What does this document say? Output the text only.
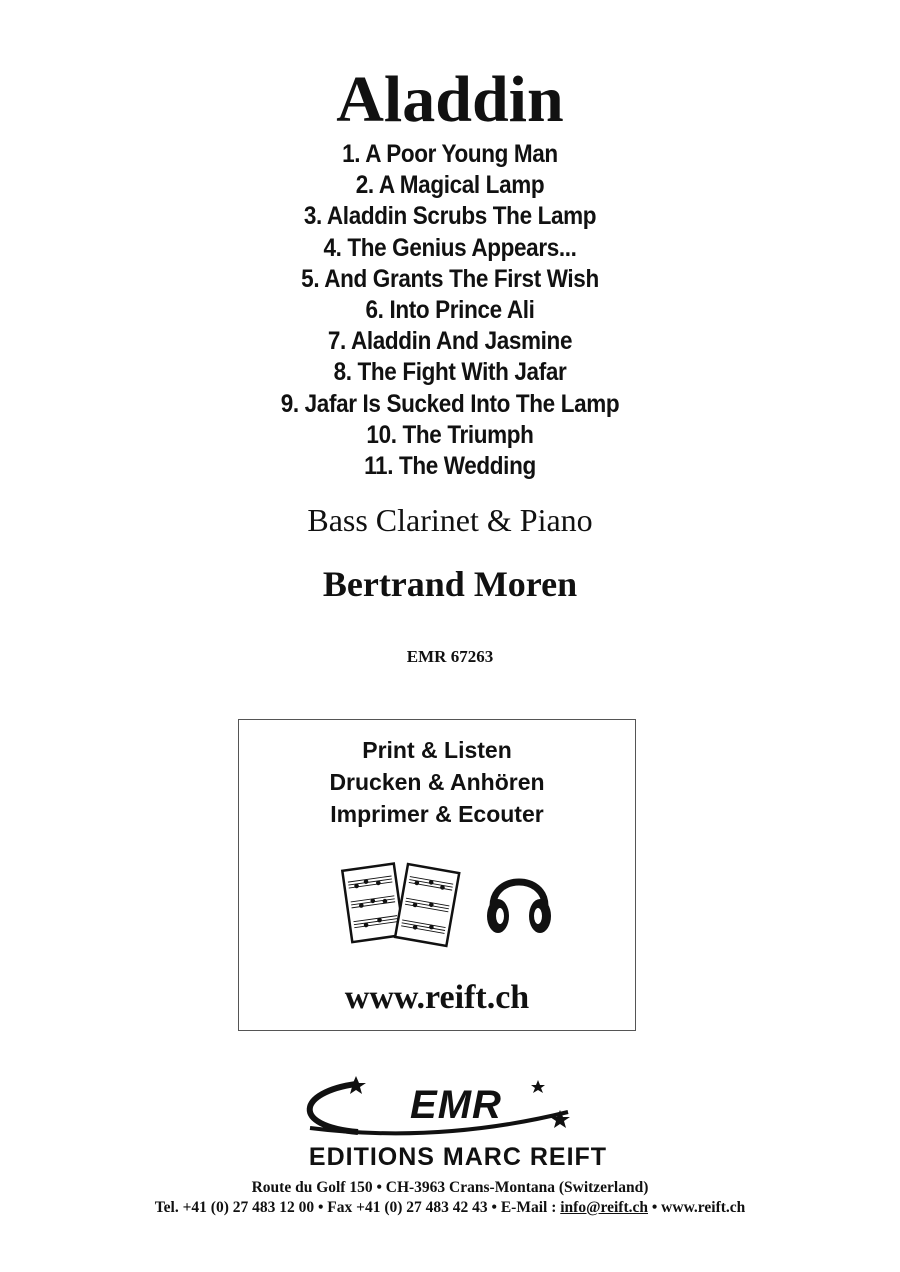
Aladdin
1. A Poor Young Man
2. A Magical Lamp
3. Aladdin Scrubs The Lamp
4. The Genius Appears...
5. And Grants The First Wish
6. Into Prince Ali
7. Aladdin And Jasmine
8. The Fight With Jafar
9. Jafar Is Sucked Into The Lamp
10. The Triumph
11. The Wedding
Bass Clarinet & Piano
Bertrand Moren
EMR 67263
Print & Listen
Drucken & Anhören
Imprimer & Ecouter
www.reift.ch
EMR
EDITIONS MARC REIFT
Route du Golf 150 • CH-3963 Crans-Montana (Switzerland)
Tel. +41 (0) 27 483 12 00 • Fax +41 (0) 27 483 42 43 • E-Mail : info@reift.ch • www.reift.ch
